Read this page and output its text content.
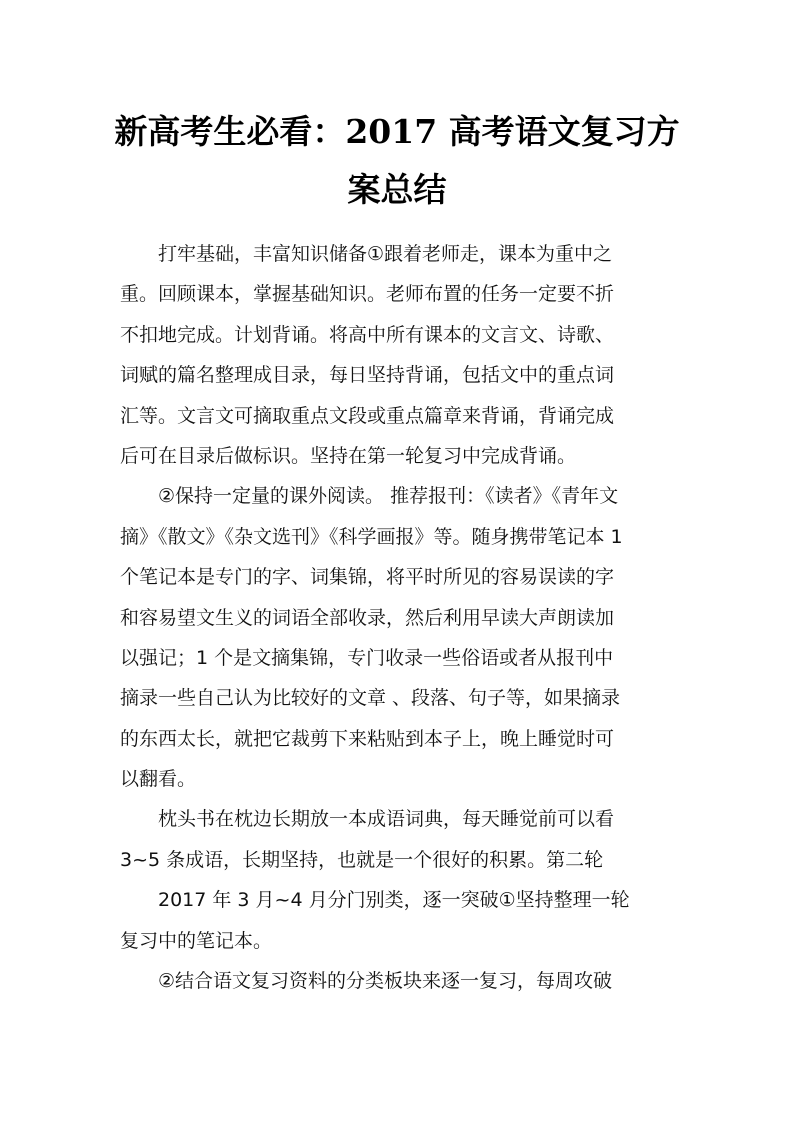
新高考生必看：2017 高考语文复习方
案总结
打牢基础，丰富知识储备①跟着老师走，课本为重中之
重。回顾课本，掌握基础知识。老师布置的任务一定要不折
不扣地完成。计划背诵。将高中所有课本的文言文、诗歌、
词赋的篇名整理成目录，每日坚持背诵，包括文中的重点词
汇等。文言文可摘取重点文段或重点篇章来背诵，背诵完成
后可在目录后做标识。坚持在第一轮复习中完成背诵。
②保持一定量的课外阅读。 推荐报刊：《读者》《青年文
摘》《散文》《杂文选刊》《科学画报》等。随身携带笔记本 1
个笔记本是专门的字、词集锦，将平时所见的容易误读的字
和容易望文生义的词语全部收录，然后利用早读大声朗读加
以强记；1 个是文摘集锦，专门收录一些俗语或者从报刊中
摘录一些自己认为比较好的文章 、段落、句子等，如果摘录
的东西太长，就把它裁剪下来粘贴到本子上，晚上睡觉时可
以翻看。
枕头书在枕边长期放一本成语词典，每天睡觉前可以看
3~5 条成语，长期坚持，也就是一个很好的积累。第二轮
2017 年 3 月~4 月分门别类，逐一突破①坚持整理一轮
复习中的笔记本。
②结合语文复习资料的分类板块来逐一复习，每周攻破
